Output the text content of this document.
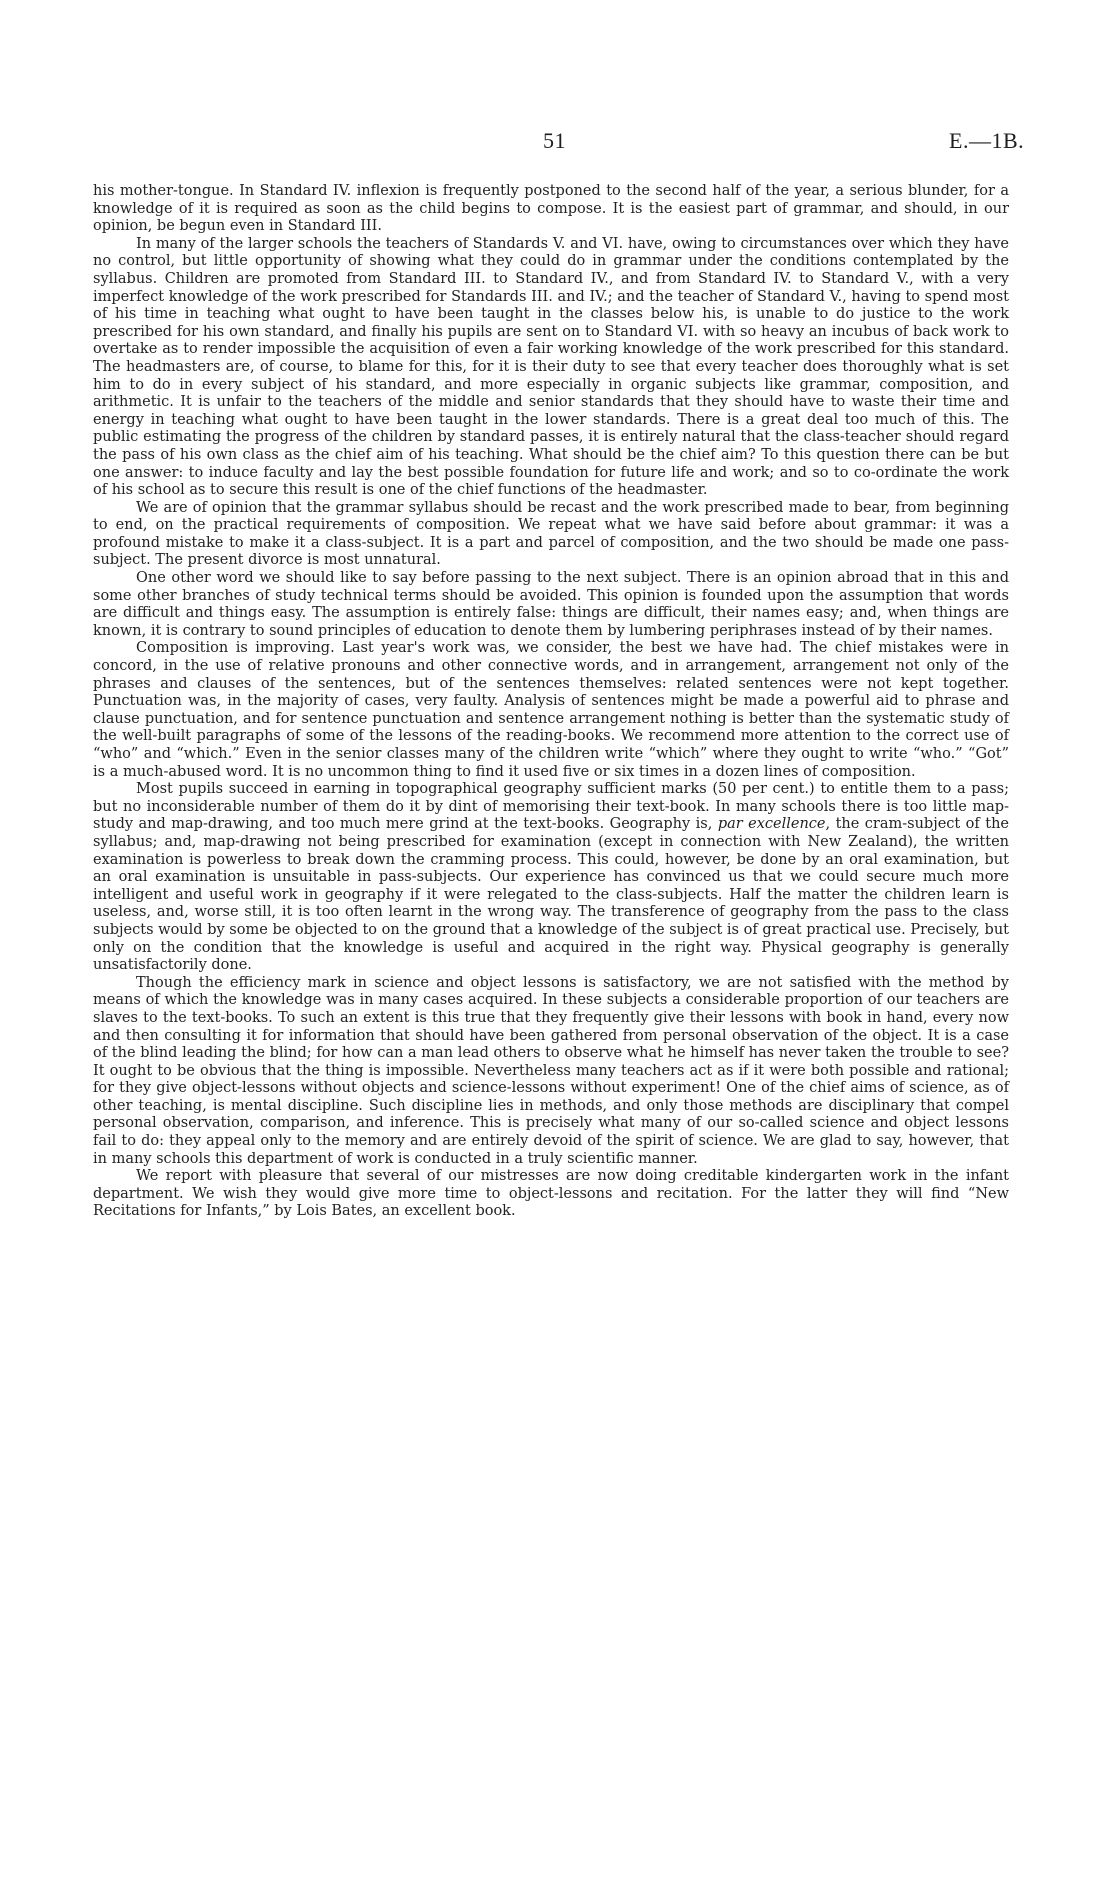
51	E.—1B.

his mother-tongue. In Standard IV. inflexion is frequently postponed to the second half of the year, a serious blunder, for a knowledge of it is required as soon as the child begins to compose. It is the easiest part of grammar, and should, in our opinion, be begun even in Standard III.

In many of the larger schools the teachers of Standards V. and VI. have, owing to circumstances over which they have no control, but little opportunity of showing what they could do in grammar under the conditions contemplated by the syllabus. Children are promoted from Standard III. to Standard IV., and from Standard IV. to Standard V., with a very imperfect knowledge of the work prescribed for Standards III. and IV.; and the teacher of Standard V., having to spend most of his time in teaching what ought to have been taught in the classes below his, is unable to do justice to the work prescribed for his own standard, and finally his pupils are sent on to Standard VI. with so heavy an incubus of back work to overtake as to render impossible the acquisition of even a fair working knowledge of the work prescribed for this standard. The headmasters are, of course, to blame for this, for it is their duty to see that every teacher does thoroughly what is set him to do in every subject of his standard, and more especially in organic subjects like grammar, composition, and arithmetic. It is unfair to the teachers of the middle and senior standards that they should have to waste their time and energy in teaching what ought to have been taught in the lower standards. There is a great deal too much of this. The public estimating the progress of the children by standard passes, it is entirely natural that the class-teacher should regard the pass of his own class as the chief aim of his teaching. What should be the chief aim? To this question there can be but one answer: to induce faculty and lay the best possible foundation for future life and work; and so to co-ordinate the work of his school as to secure this result is one of the chief functions of the headmaster.

We are of opinion that the grammar syllabus should be recast and the work prescribed made to bear, from beginning to end, on the practical requirements of composition. We repeat what we have said before about grammar: it was a profound mistake to make it a class-subject. It is a part and parcel of composition, and the two should be made one pass-subject. The present divorce is most unnatural.

One other word we should like to say before passing to the next subject. There is an opinion abroad that in this and some other branches of study technical terms should be avoided. This opinion is founded upon the assumption that words are difficult and things easy. The assumption is entirely false: things are difficult, their names easy; and, when things are known, it is contrary to sound principles of education to denote them by lumbering periphrases instead of by their names.

Composition is improving. Last year's work was, we consider, the best we have had. The chief mistakes were in concord, in the use of relative pronouns and other connective words, and in arrangement, arrangement not only of the phrases and clauses of the sentences, but of the sentences themselves: related sentences were not kept together. Punctuation was, in the majority of cases, very faulty. Analysis of sentences might be made a powerful aid to phrase and clause punctuation, and for sentence punctuation and sentence arrangement nothing is better than the systematic study of the well-built paragraphs of some of the lessons of the reading-books. We recommend more attention to the correct use of “who” and “which.” Even in the senior classes many of the children write “which” where they ought to write “who.” “Got” is a much-abused word. It is no uncommon thing to find it used five or six times in a dozen lines of composition.

Most pupils succeed in earning in topographical geography sufficient marks (50 per cent.) to entitle them to a pass; but no inconsiderable number of them do it by dint of memorising their text-book. In many schools there is too little map-study and map-drawing, and too much mere grind at the text-books. Geography is, par excellence, the cram-subject of the syllabus; and, map-drawing not being prescribed for examination (except in connection with New Zealand), the written examination is powerless to break down the cramming process. This could, however, be done by an oral examination, but an oral examination is unsuitable in pass-subjects. Our experience has convinced us that we could secure much more intelligent and useful work in geography if it were relegated to the class-subjects. Half the matter the children learn is useless, and, worse still, it is too often learnt in the wrong way. The transference of geography from the pass to the class subjects would by some be objected to on the ground that a knowledge of the subject is of great practical use. Precisely, but only on the condition that the knowledge is useful and acquired in the right way. Physical geography is generally unsatisfactorily done.

Though the efficiency mark in science and object lessons is satisfactory, we are not satisfied with the method by means of which the knowledge was in many cases acquired. In these subjects a considerable proportion of our teachers are slaves to the text-books. To such an extent is this true that they frequently give their lessons with book in hand, every now and then consulting it for information that should have been gathered from personal observation of the object. It is a case of the blind leading the blind; for how can a man lead others to observe what he himself has never taken the trouble to see? It ought to be obvious that the thing is impossible. Nevertheless many teachers act as if it were both possible and rational; for they give object-lessons without objects and science-lessons without experiment! One of the chief aims of science, as of other teaching, is mental discipline. Such discipline lies in methods, and only those methods are disciplinary that compel personal observation, comparison, and inference. This is precisely what many of our so-called science and object lessons fail to do: they appeal only to the memory and are entirely devoid of the spirit of science. We are glad to say, however, that in many schools this department of work is conducted in a truly scientific manner.

We report with pleasure that several of our mistresses are now doing creditable kindergarten work in the infant department. We wish they would give more time to object-lessons and recitation. For the latter they will find “New Recitations for Infants,” by Lois Bates, an excellent book.
